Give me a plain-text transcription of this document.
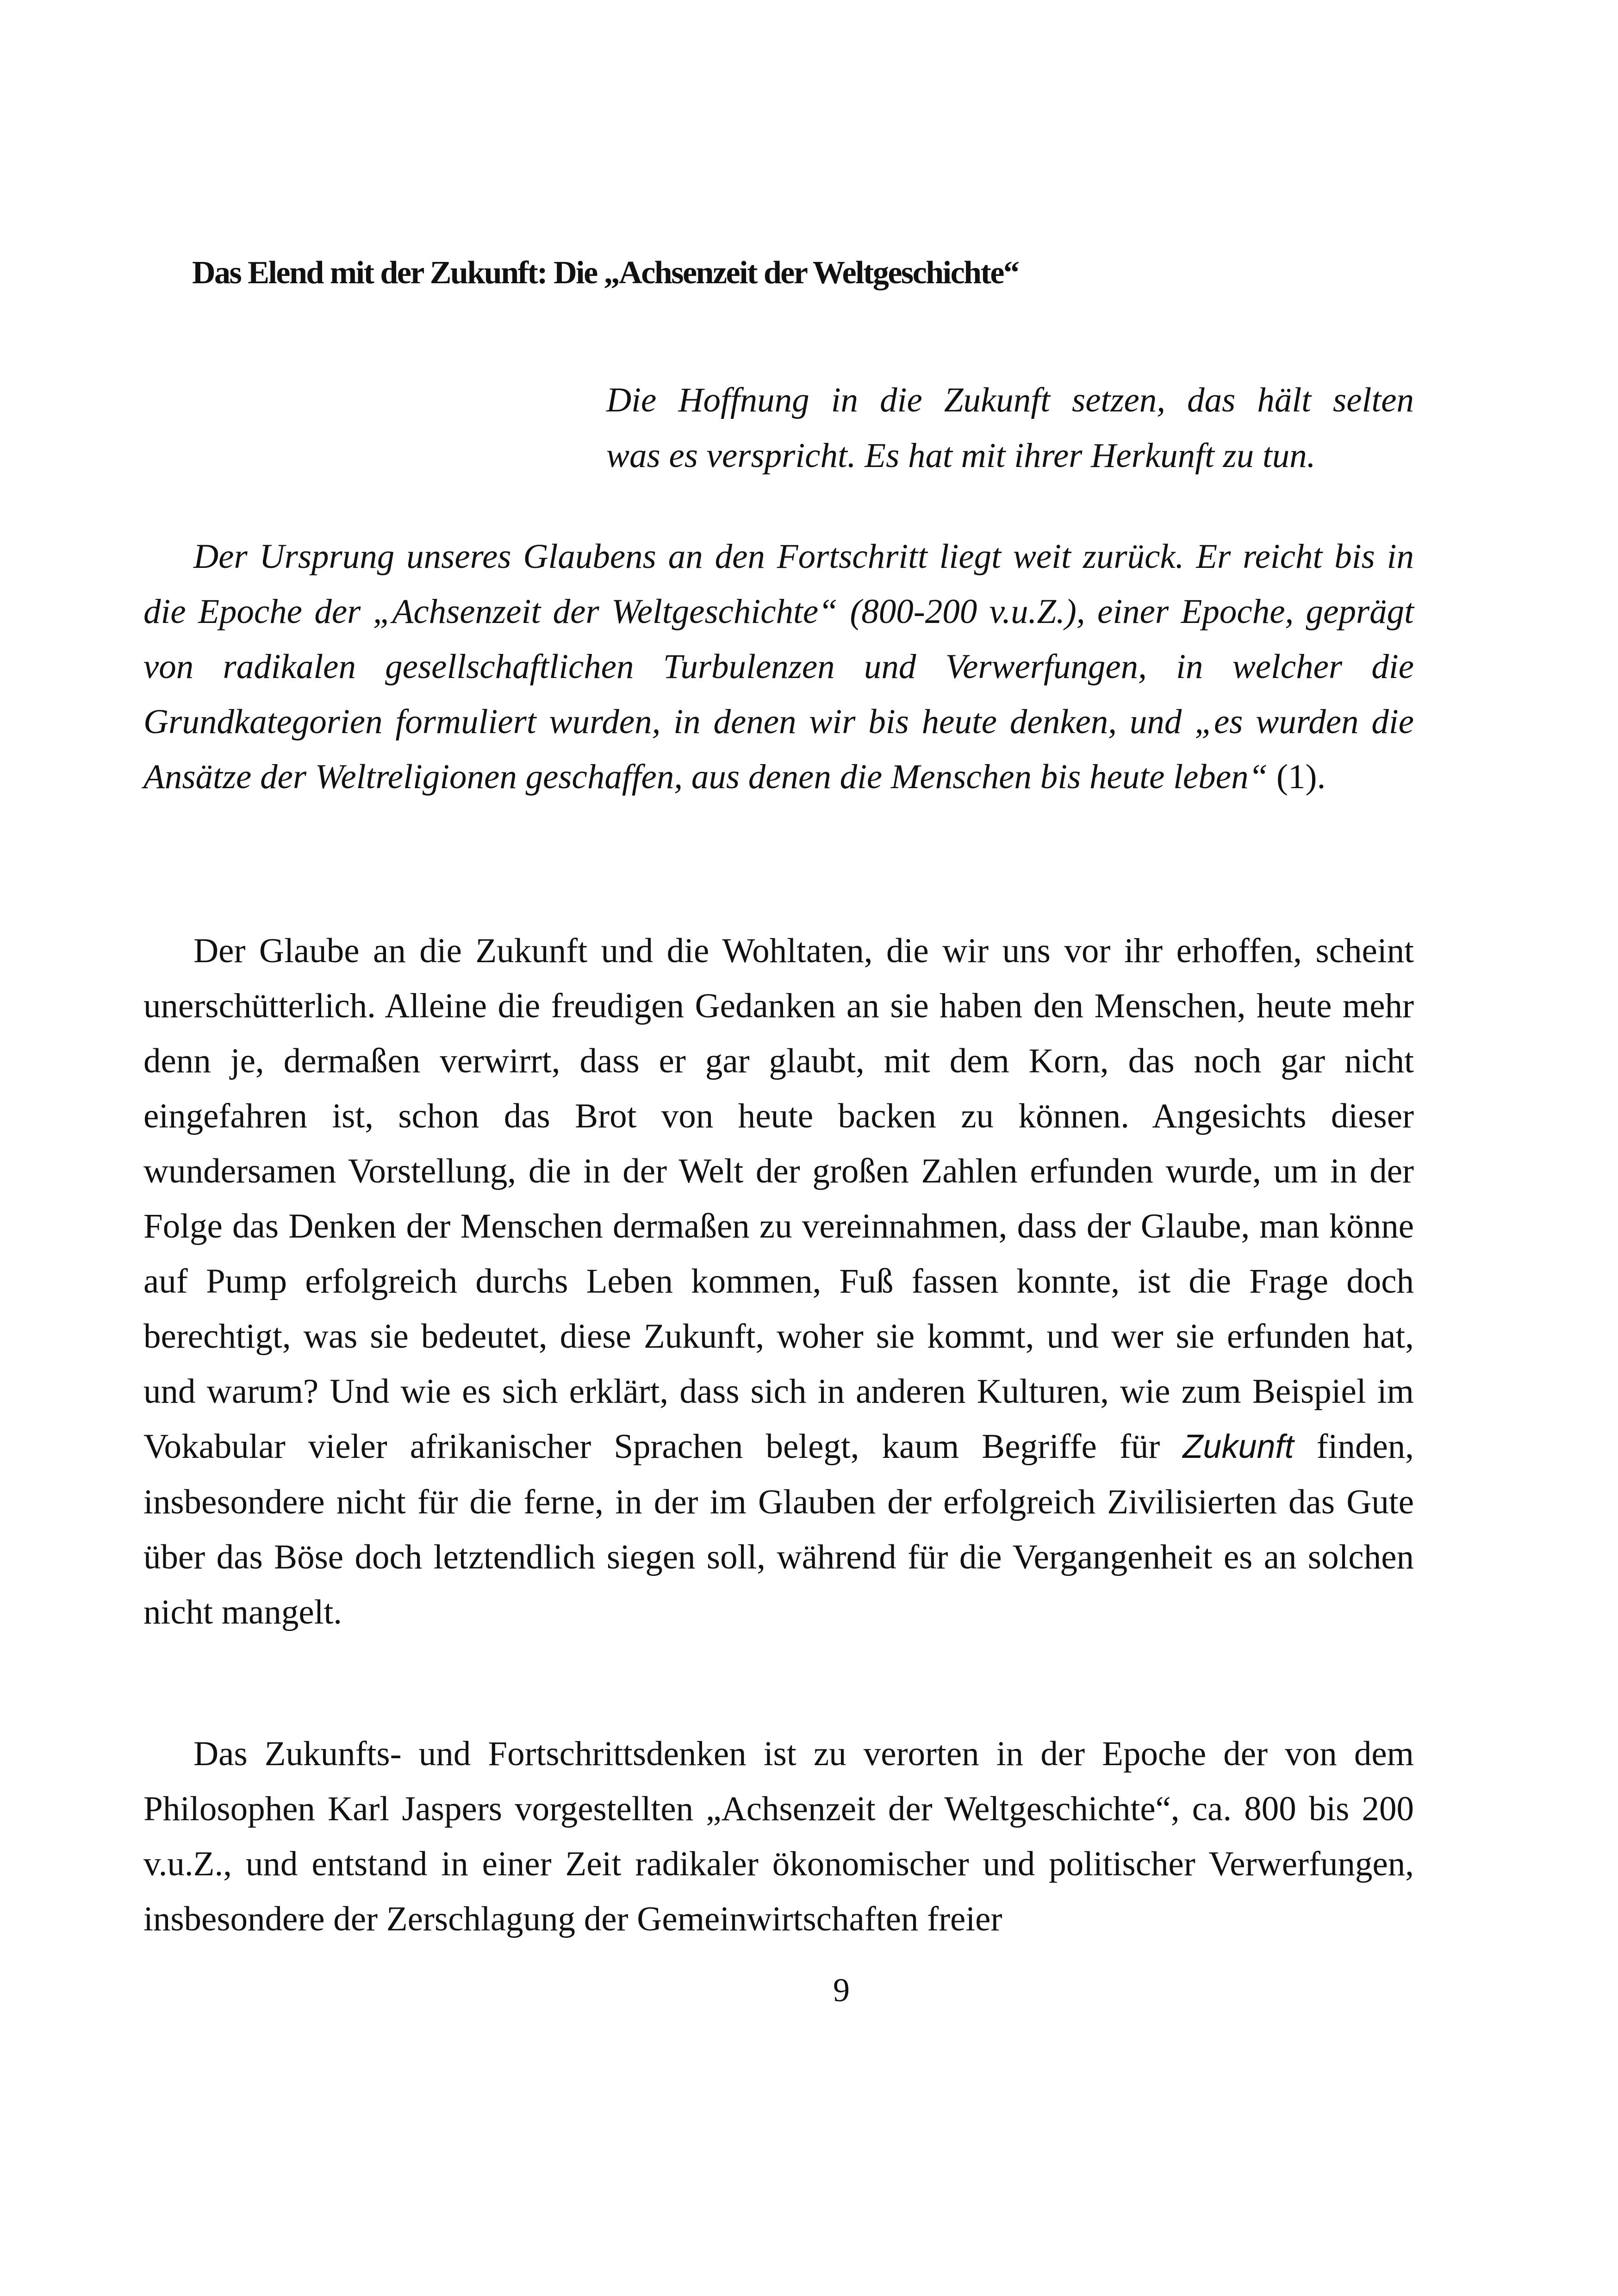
Das Elend mit der Zukunft: Die „Achsenzeit der Weltgeschichte“
Die Hoffnung in die Zukunft setzen, das hält selten
was es verspricht. Es hat mit ihrer Herkunft zu tun.

Der Ursprung unseres Glaubens an den Fortschritt liegt weit zurück. Er reicht bis in die Epoche der „Achsenzeit der Weltgeschichte“ (800-200 v.u.Z.), einer Epoche, geprägt von radikalen gesellschaftlichen Turbulenzen und Verwerfungen, in welcher die Grundkategorien formuliert wurden, in denen wir bis heute denken, und „es wurden die Ansätze der Weltreligionen geschaffen, aus denen die Menschen bis heute leben“ (1).

Der Glaube an die Zukunft und die Wohltaten, die wir uns vor ihr erhoffen, scheint unerschütterlich. Alleine die freudigen Gedanken an sie haben den Menschen, heute mehr denn je, dermaßen verwirrt, dass er gar glaubt, mit dem Korn, das noch gar nicht eingefahren ist, schon das Brot von heute backen zu können. Angesichts dieser wundersamen Vorstellung, die in der Welt der großen Zahlen erfunden wurde, um in der Folge das Denken der Menschen dermaßen zu vereinnahmen, dass der Glaube, man könne auf Pump erfolgreich durchs Leben kommen, Fuß fassen konnte, ist die Frage doch berechtigt, was sie bedeutet, diese Zukunft, woher sie kommt, und wer sie erfunden hat, und warum? Und wie es sich erklärt, dass sich in anderen Kulturen, wie zum Beispiel im Vokabular vieler afrikanischer Sprachen belegt, kaum Begriffe für Zukunft finden, insbesondere nicht für die ferne, in der im Glauben der erfolgreich Zivilisierten das Gute über das Böse doch letztendlich siegen soll, während für die Vergangenheit es an solchen nicht mangelt.

Das Zukunfts- und Fortschrittsdenken ist zu verorten in der Epoche der von dem Philosophen Karl Jaspers vorgestellten „Achsenzeit der Weltgeschichte“, ca. 800 bis 200 v.u.Z., und entstand in einer Zeit radikaler ökonomischer und politischer Verwerfungen, insbesondere der Zerschlagung der Gemeinwirtschaften freier

9
